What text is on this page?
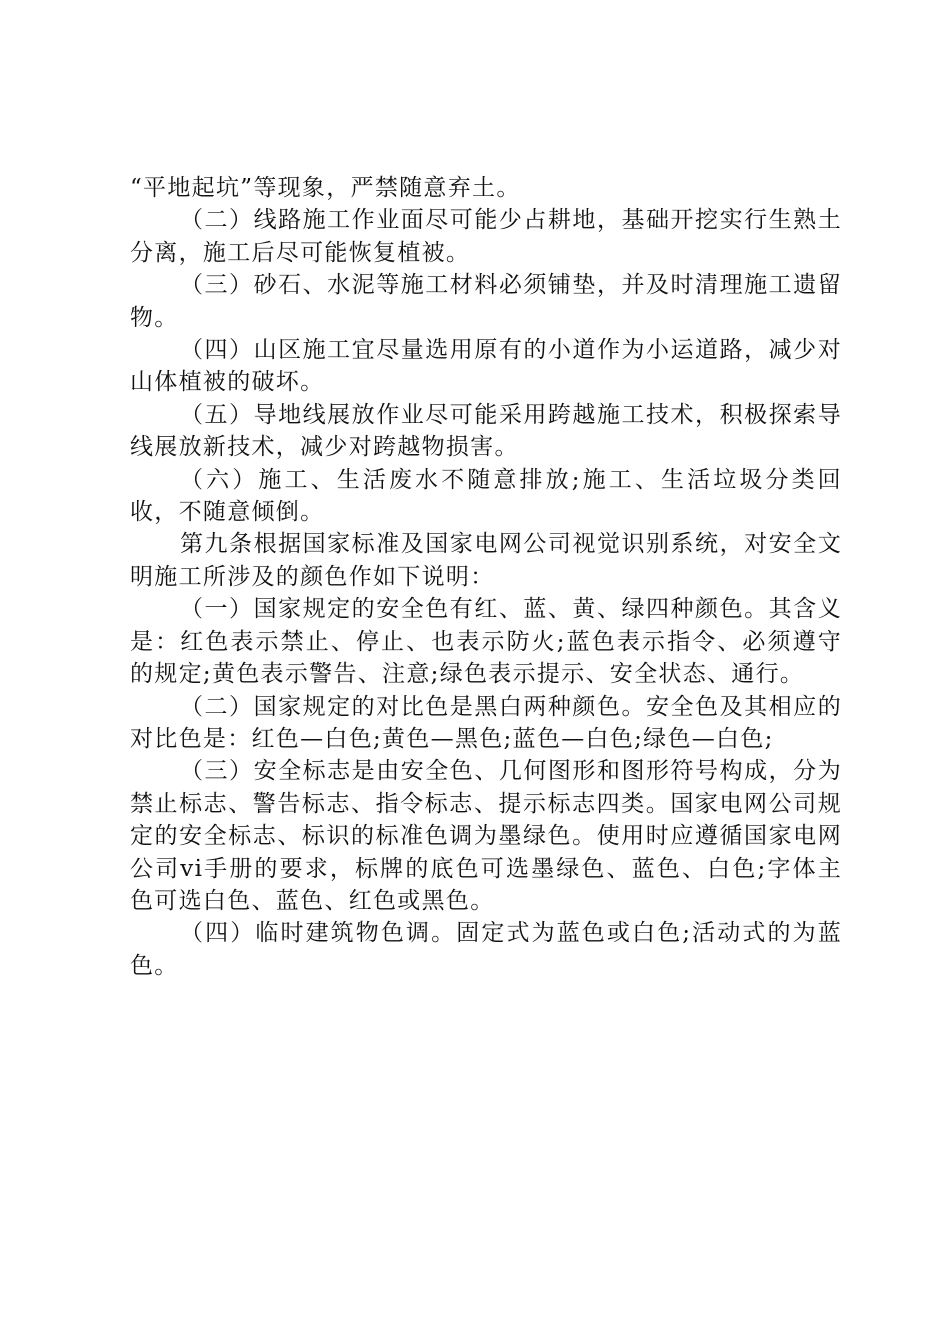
“平地起坑”等现象，严禁随意弃土。

（二）线路施工作业面尽可能少占耕地，基础开挖实行生熟土分离，施工后尽可能恢复植被。

（三）砂石、水泥等施工材料必须铺垫，并及时清理施工遗留物。

（四）山区施工宜尽量选用原有的小道作为小运道路，减少对山体植被的破坏。

（五）导地线展放作业尽可能采用跨越施工技术，积极探索导线展放新技术，减少对跨越物损害。

（六）施工、生活废水不随意排放;施工、生活垃圾分类回收，不随意倾倒。

第九条根据国家标准及国家电网公司视觉识别系统，对安全文明施工所涉及的颜色作如下说明：

（一）国家规定的安全色有红、蓝、黄、绿四种颜色。其含义是：红色表示禁止、停止、也表示防火;蓝色表示指令、必须遵守的规定;黄色表示警告、注意;绿色表示提示、安全状态、通行。

（二）国家规定的对比色是黑白两种颜色。安全色及其相应的对比色是：红色—白色;黄色—黑色;蓝色—白色;绿色—白色;

（三）安全标志是由安全色、几何图形和图形符号构成，分为禁止标志、警告标志、指令标志、提示标志四类。国家电网公司规定的安全标志、标识的标准色调为墨绿色。使用时应遵循国家电网公司vi手册的要求，标牌的底色可选墨绿色、蓝色、白色;字体主色可选白色、蓝色、红色或黑色。

（四）临时建筑物色调。固定式为蓝色或白色;活动式的为蓝色。
